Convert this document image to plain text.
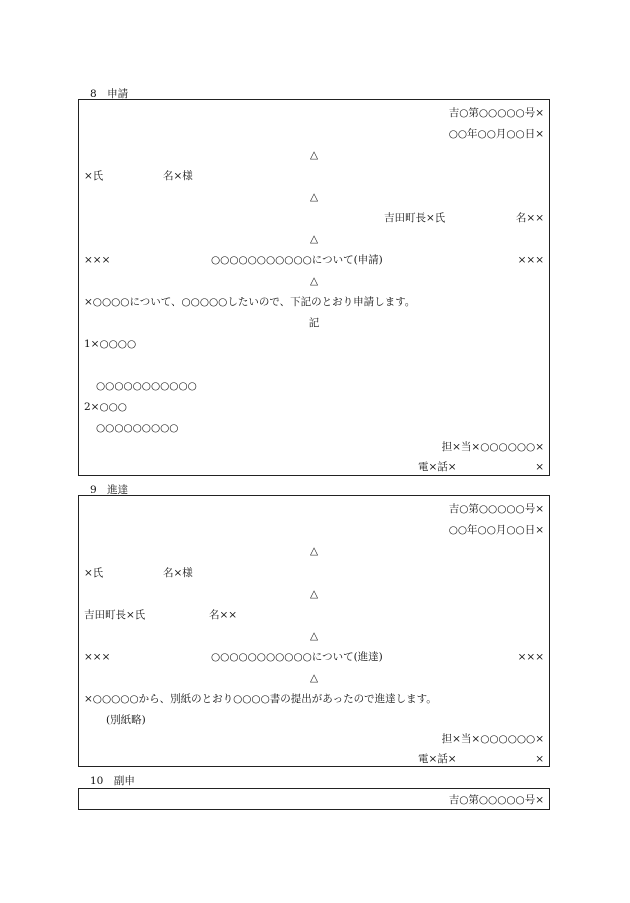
8　申請
吉○第○○○○○号×
○○年○○月○○日×
△
×氏	名×様
△
吉田町長×氏	名××
△
×××	○○○○○○○○○○○について(申請)	×××
△
×○○○○について、○○○○○したいので、下記のとおり申請します。
記
1×○○○○
○○○○○○○○○○○
2×○○○
○○○○○○○○○
担×当×○○○○○○×
電×話×	×
9　進達
吉○第○○○○○号×
○○年○○月○○日×
△
×氏	名×様
△
吉田町長×氏	名××
△
×××	○○○○○○○○○○○について(進達)	×××
△
×○○○○○から、別紙のとおり○○○○書の提出があったので進達します。
(別紙略)
担×当×○○○○○○×
電×話×	×
10　副申
吉○第○○○○○号×
